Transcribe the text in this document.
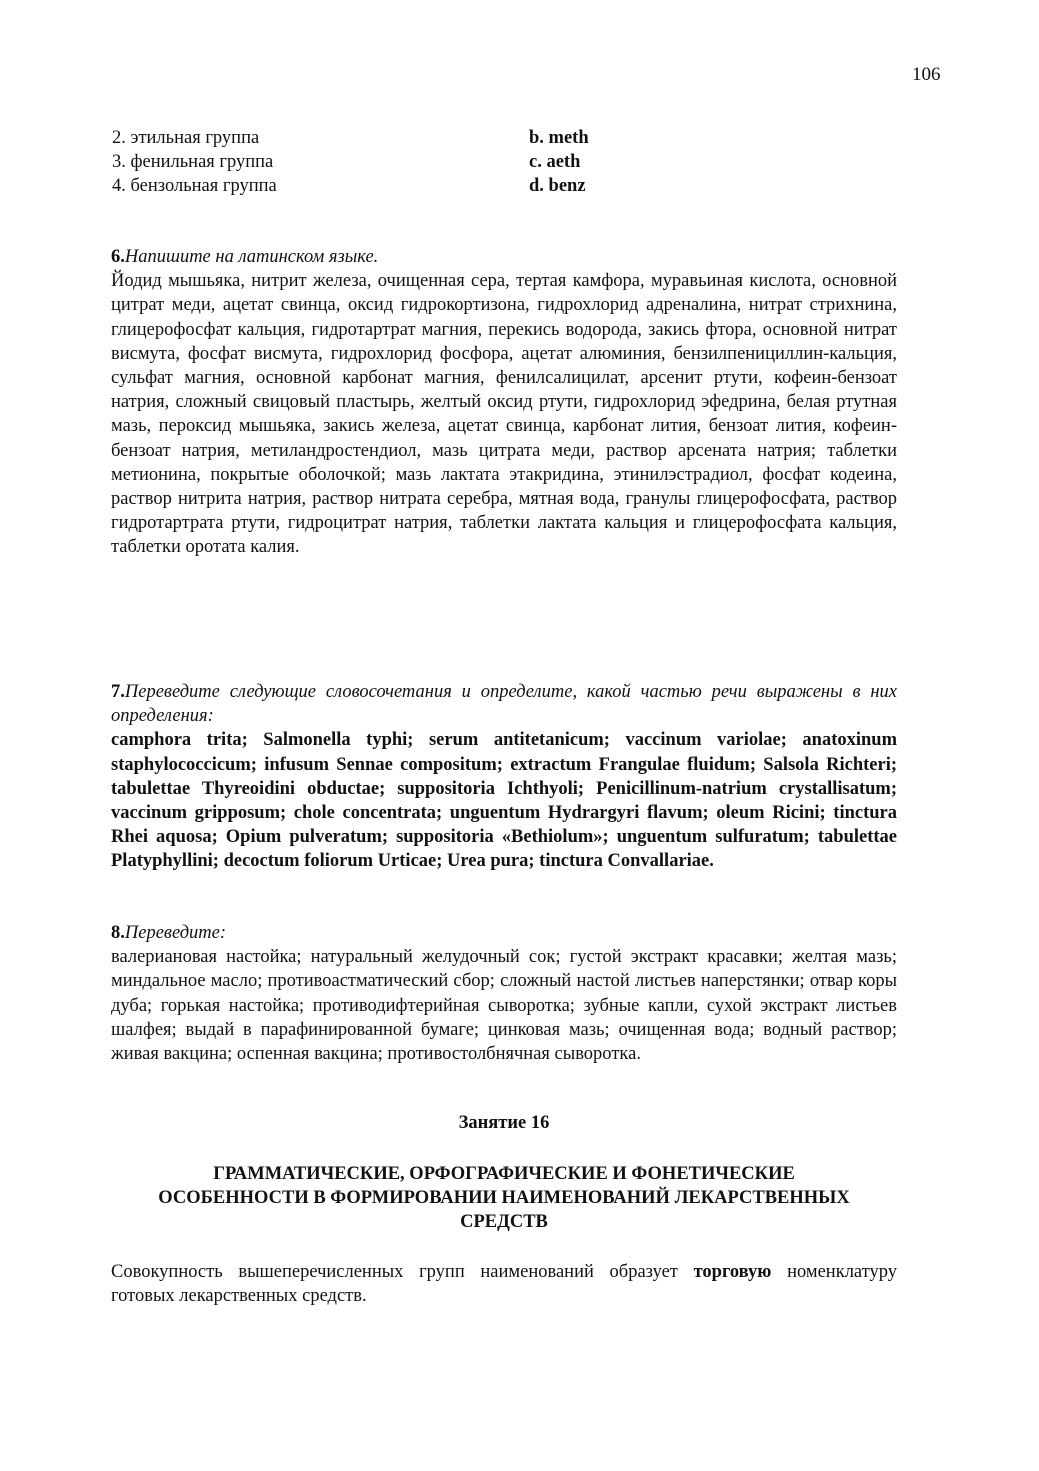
106
2. этильная группа	b. meth
3. фенильная группа	c. aeth
4. бензольная группа	d. benz

6.Напишите на латинском языке.

Йодид мышьяка, нитрит железа, очищенная сера, тертая камфора, муравьиная кислота, основной цитрат меди, ацетат свинца, оксид гидрокортизона, гидрохлорид адреналина, нитрат стрихнина, глицерофосфат кальция, гидротартрат магния, перекись водорода, закись фтора, основной нитрат висмута, фосфат висмута, гидрохлорид фосфора, ацетат алюминия, бензилпенициллин-кальция, сульфат магния, основной карбонат магния, фенилсалицилат, арсенит ртути, кофеин-бензоат натрия, сложный свицовый пластырь, желтый оксид ртути, гидрохлорид эфедрина, белая ртутная мазь, пероксид мышьяка, закись железа, ацетат свинца, карбонат лития, бензоат лития, кофеин-бензоат натрия, метиландростендиол, мазь цитрата меди, раствор арсената натрия; таблетки метионина, покрытые оболочкой; мазь лактата этакридина, этинилэстрадиол, фосфат кодеина, раствор нитрита натрия, раствор нитрата серебра, мятная вода, гранулы глицерофосфата, раствор гидротартрата ртути, гидроцитрат натрия, таблетки лактата кальция и глицерофосфата кальция, таблетки оротата калия.

7.Переведите следующие словосочетания и определите, какой частью речи выражены в них определения:

camphora trita; Salmonella typhi; serum antitetanicum; vaccinum variolae; anatoxinum staphylococcicum; infusum Sennae compositum; extractum Frangulae fluidum; Salsola Richteri; tabulettae Thyreoidini obductae; suppositoria Ichthyoli; Penicillinum-natrium crystallisatum; vaccinum gripposum; chole concentrata; unguentum Hydrargyri flavum; oleum Ricini; tinctura Rhei aquosa; Opium pulveratum; suppositoria «Bethiolum»; unguentum sulfuratum; tabulettae Platyphyllini; decoctum foliorum Urticae; Urea pura; tinctura Convallariae.

8.Переведите:

валериановая настойка; натуральный желудочный сок; густой экстракт красавки; желтая мазь; миндальное масло; противоастматический сбор; сложный настой листьев наперстянки; отвар коры дуба; горькая настойка; противодифтерийная сыворотка; зубные капли, сухой экстракт листьев шалфея; выдай в парафинированной бумаге; цинковая мазь; очищенная вода; водный раствор; живая вакцина; оспенная вакцина; противостолбнячная сыворотка.

Занятие 16
ГРАММАТИЧЕСКИЕ, ОРФОГРАФИЧЕСКИЕ И ФОНЕТИЧЕСКИЕ
ОСОБЕННОСТИ В ФОРМИРОВАНИИ НАИМЕНОВАНИЙ ЛЕКАРСТВЕННЫХ
СРЕДСТВ

Совокупность вышеперечисленных групп наименований образует торговую номенклатуру готовых лекарственных средств.
